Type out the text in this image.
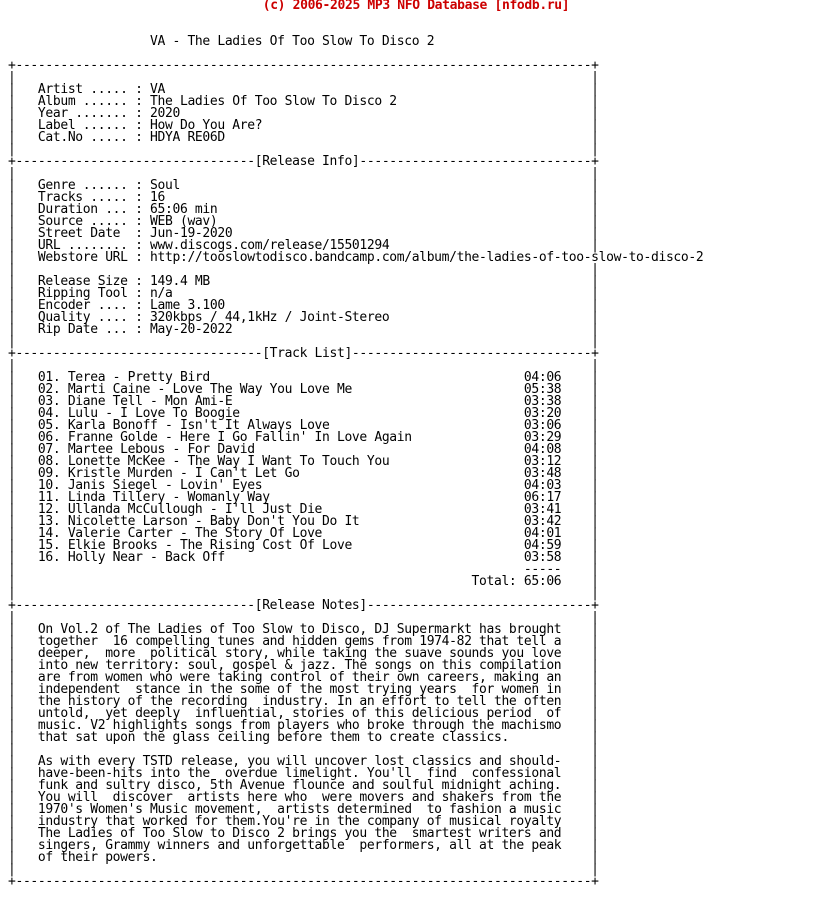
(c) 2006-2025 MP3 NFO Database [nfodb.ru]
VA - The Ladies Of Too Slow To Disco 2
+-----------------------------------------------------------------------------+
|                                                                             |
|   Artist ..... : VA                                                         |
|   Album ...... : The Ladies Of Too Slow To Disco 2                          |
|   Year ....... : 2020                                                       |
|   Label ...... : How Do You Are?                                            |
|   Cat.No ..... : HDYA RE06D                                                 |
|                                                                             |
+--------------------------------[Release Info]-------------------------------+
|                                                                             |
|   Genre ...... : Soul                                                       |
|   Tracks ..... : 16                                                         |
|   Duration ... : 65:06 min                                                  |
|   Source ..... : WEB (wav)                                                  |
|   Street Date  : Jun-19-2020                                                |
|   URL ........ : www.discogs.com/release/15501294                           |
|   Webstore URL : http://tooslowtodisco.bandcamp.com/album/the-ladies-of-too-slow-to-disco-2
|                                                                             |
|   Release Size : 149.4 MB                                                   |
|   Ripping Tool : n/a                                                        |
|   Encoder .... : Lame 3.100                                                 |
|   Quality .... : 320kbps / 44,1kHz / Joint-Stereo                           |
|   Rip Date ... : May-20-2022                                                |
|                                                                             |
+---------------------------------[Track List]--------------------------------+
|                                                                             |
|   01. Terea - Pretty Bird                                          04:06    |
|   02. Marti Caine - Love The Way You Love Me                       05:38    |
|   03. Diane Tell - Mon Ami-E                                       03:38    |
|   04. Lulu - I Love To Boogie                                      03:20    |
|   05. Karla Bonoff - Isn't It Always Love                          03:06    |
|   06. Franne Golde - Here I Go Fallin' In Love Again               03:29    |
|   07. Martee Lebous - For David                                    04:08    |
|   08. Lonette McKee - The Way I Want To Touch You                  03:12    |
|   09. Kristle Murden - I Can't Let Go                              03:48    |
|   10. Janis Siegel - Lovin' Eyes                                   04:03    |
|   11. Linda Tillery - Womanly Way                                  06:17    |
|   12. Ullanda McCullough - I'll Just Die                           03:41    |
|   13. Nicolette Larson - Baby Don't You Do It                      03:42    |
|   14. Valerie Carter - The Story Of Love                           04:01    |
|   15. Elkie Brooks - The Rising Cost Of Love                       04:59    |
|   16. Holly Near - Back Off                                        03:58    |
|                                                                    -----    |
|                                                             Total: 65:06    |
|                                                                             |
+--------------------------------[Release Notes]------------------------------+
|                                                                             |
|   On Vol.2 of The Ladies of Too Slow to Disco, DJ Supermarkt has brought    |
|   together  16 compelling tunes and hidden gems from 1974-82 that tell a    |
|   deeper,  more  political story, while taking the suave sounds you love    |
|   into new territory: soul, gospel & jazz. The songs on this compilation    |
|   are from women who were taking control of their own careers, making an    |
|   independent  stance in the some of the most trying years  for women in    |
|   the history of the recording  industry. In an effort to tell the often    |
|   untold,  yet deeply  influential, stories of this delicious period  of    |
|   music. V2 highlights songs from players who broke through the machismo    |
|   that sat upon the glass ceiling before them to create classics.           |
|                                                                             |
|   As with every TSTD release, you will uncover lost classics and should-    |
|   have-been-hits into the  overdue limelight. You'll  find  confessional    |
|   funk and sultry disco, 5th Avenue flounce and soulful midnight aching.    |
|   You will  discover  artists here who  were movers and shakers from the    |
|   1970's Women's Music movement,  artists determined  to fashion a music    |
|   industry that worked for them.You're in the company of musical royalty    |
|   The Ladies of Too Slow to Disco 2 brings you the  smartest writers and    |
|   singers, Grammy winners and unforgettable  performers, all at the peak    |
|   of their powers.                                                          |
|                                                                             |
+-----------------------------------------------------------------------------+
